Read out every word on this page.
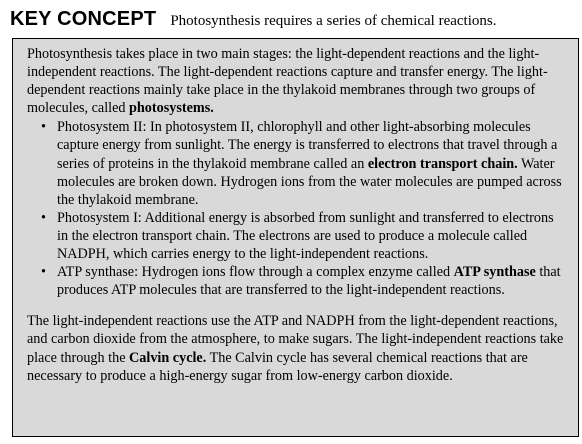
KEY CONCEPT Photosynthesis requires a series of chemical reactions.

Photosynthesis takes place in two main stages: the light-dependent reactions and the light-independent reactions. The light-dependent reactions capture and transfer energy. The light-dependent reactions mainly take place in the thylakoid membranes through two groups of molecules, called photosystems.

• Photosystem II: In photosystem II, chlorophyll and other light-absorbing molecules capture energy from sunlight. The energy is transferred to electrons that travel through a series of proteins in the thylakoid membrane called an electron transport chain. Water molecules are broken down. Hydrogen ions from the water molecules are pumped across the thylakoid membrane.
• Photosystem I: Additional energy is absorbed from sunlight and transferred to electrons in the electron transport chain. The electrons are used to produce a molecule called NADPH, which carries energy to the light-independent reactions.
• ATP synthase: Hydrogen ions flow through a complex enzyme called ATP synthase that produces ATP molecules that are transferred to the light-independent reactions.

The light-independent reactions use the ATP and NADPH from the light-dependent reactions, and carbon dioxide from the atmosphere, to make sugars. The light-independent reactions take place through the Calvin cycle. The Calvin cycle has several chemical reactions that are necessary to produce a high-energy sugar from low-energy carbon dioxide.
